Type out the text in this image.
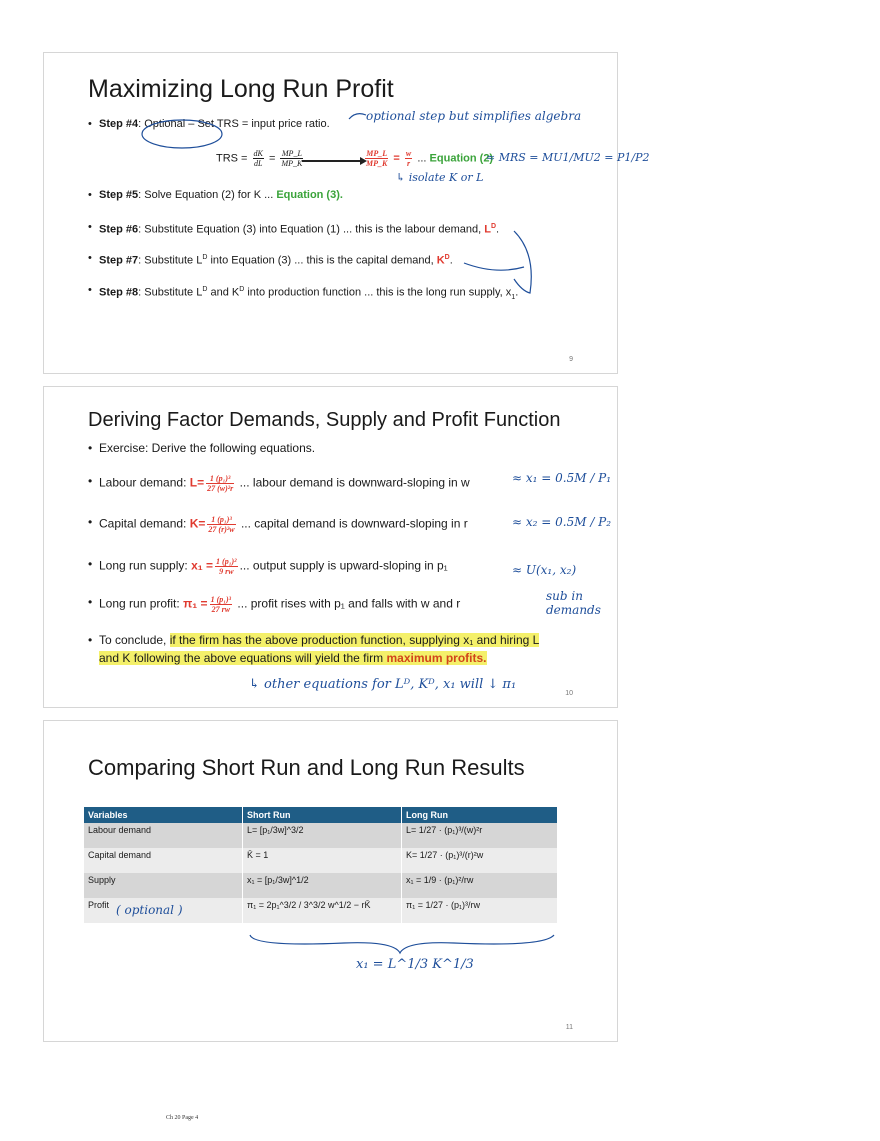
Maximizing Long Run Profit
• Step #4: Optional – Set TRS = input price ratio.
TRS = $\frac{dK}{dL} = \frac{MP\_L}{MP\_K}$	$\frac{MP\_L}{MP\_K} = \frac{w}{r}$ ... Equation (2)
• Step #5: Solve Equation (2) for K ... Equation (3).
• Step #6: Substitute Equation (3) into Equation (1) ... this is the labour demand, $L^D$.
• Step #7: Substitute $L^D$ into Equation (3) ... this is the capital demand, $K^D$.
• Step #8: Substitute $L^D$ and $K^D$ into production function ... this is the long run supply, $x_1$.
optional step but simplifies algebra
≈ MRS = MU1/MU2 = P1/P2
↳ isolate K or L
9
Deriving Factor Demands, Supply and Profit Function
• Exercise: Derive the following equations.
• Labour demand: $L= \frac{\text{1 (p₁)³}}{\text{27 (w)²r}}$ ... labour demand is downward-sloping in w
• Capital demand: $K= \frac{\text{1 (p₁)³}}{\text{27 (r)²w}}$ ... capital demand is downward-sloping in r
• Long run supply: $x_1 = \frac{\text{1 (p₁)²}}{9 rw}$ ... output supply is upward-sloping in p₁
• Long run profit: $\pi_1 = \frac{\text{1 (p₁)³}}{27 rw}$ ... profit rises with p₁ and falls with w and r
• To conclude, if the firm has the above production function, supplying x₁ and hiring L
and K following the above equations will yield the firm maximum profits.
≈ x₁ = 0.5M / P₁
≈ x₂ = 0.5M / P₂
≈ U(x₁, x₂)
sub in demands
↳ other equations for Lᴰ, Kᴰ, x₁ will ↓ π₁
10
Comparing Short Run and Long Run Results
Variables	Short Run	Long Run
Labour demand	L= [p₁/3w]^3/2	L= 1/27 · (p₁)³/(w)²r
Capital demand	K̄ = 1	K= 1/27 · (p₁)³/(r)²w
Supply	x₁ = [p₁/3w]^1/2	x₁ = 1/9 · (p₁)²/rw
Profit	π₁ = 2p₁^3/2 / 3^3/2 w^1/2 − rK̄	π₁ = 1/27 · (p₁)³/rw
( optional )
x₁ = L^1/3 K^1/3
11
Ch 20 Page 4
